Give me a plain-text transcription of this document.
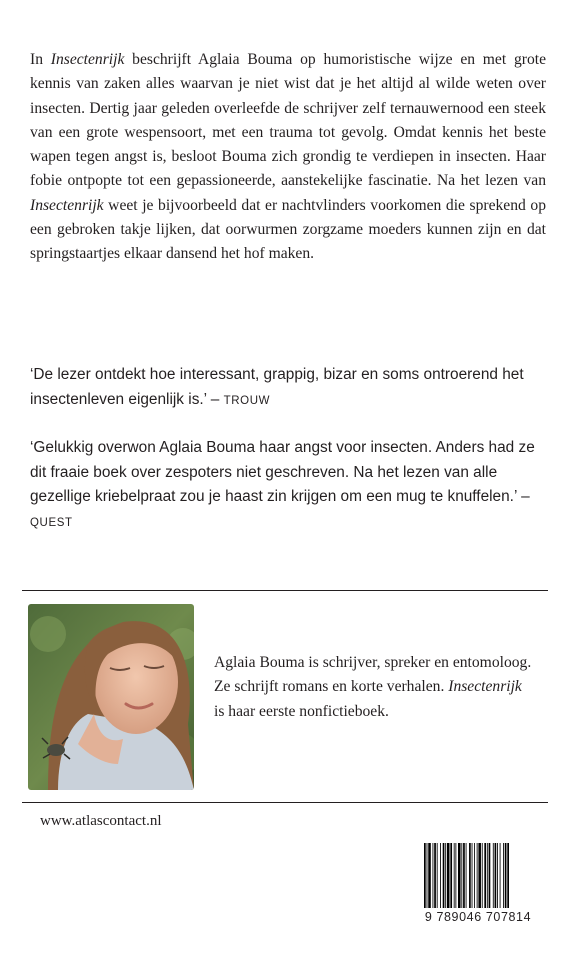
In Insectenrijk beschrijft Aglaia Bouma op humoristische wijze en met grote kennis van zaken alles waarvan je niet wist dat je het altijd al wilde weten over insecten. Dertig jaar geleden overleefde de schrijver zelf ternauwernood een steek van een grote wespensoort, met een trauma tot gevolg. Omdat kennis het beste wapen tegen angst is, besloot Bouma zich grondig te verdiepen in insecten. Haar fobie ontpopte tot een gepassioneerde, aanstekelijke fascinatie. Na het lezen van Insectenrijk weet je bijvoorbeeld dat er nachtvlinders voorkomen die sprekend op een gebroken takje lijken, dat oorwurmen zorgzame moeders kunnen zijn en dat springstaartjes elkaar dansend het hof maken.

‘De lezer ontdekt hoe interessant, grappig, bizar en soms ontroerend het insectenleven eigenlijk is.’ – TROUW

‘Gelukkig overwon Aglaia Bouma haar angst voor insecten. Anders had ze dit fraaie boek over zespoters niet geschreven. Na het lezen van alle gezellige kriebelpraat zou je haast zin krijgen om een mug te knuffelen.’ – QUEST

Aglaia Bouma is schrijver, spreker en entomoloog. Ze schrijft romans en korte verhalen. Insectenrijk is haar eerste nonfictieboek.

www.atlascontact.nl

9 789046 707814
